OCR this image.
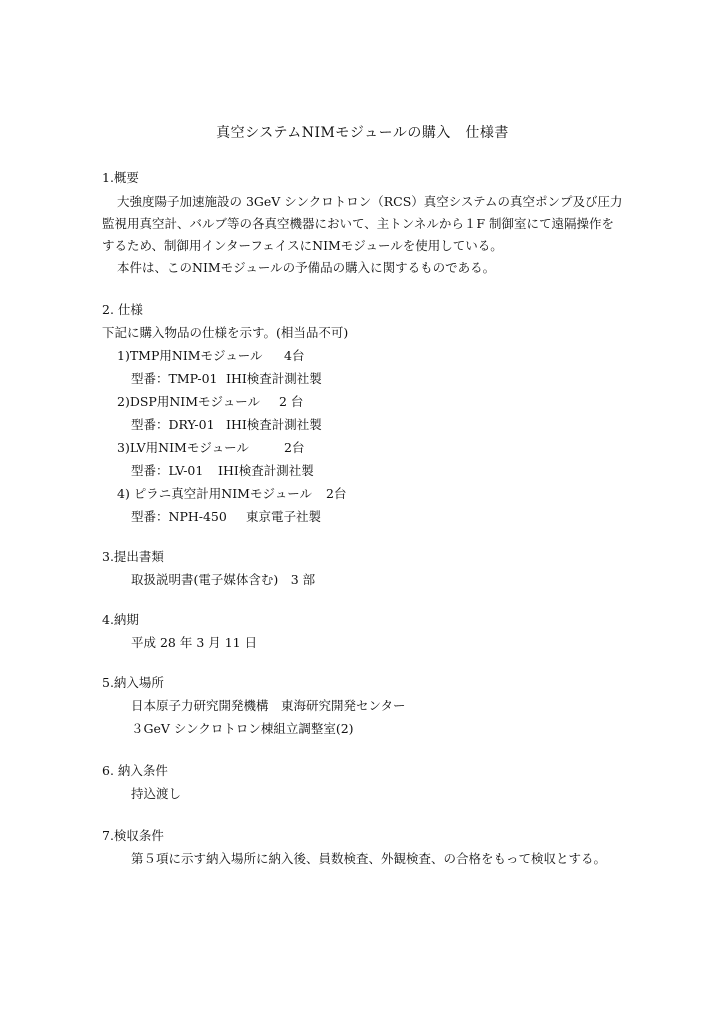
真空システムNIMモジュールの購入　仕様書
1.概要
大強度陽子加速施設の 3GeV シンクロトロン（RCS）真空システムの真空ポンプ及び圧力
監視用真空計、バルブ等の各真空機器において、主トンネルから１F 制御室にて遠隔操作を
するため、制御用インターフェイスにNIMモジュールを使用している。
本件は、このNIMモジュールの予備品の購入に関するものである。
2. 仕様
下記に購入物品の仕様を示す。(相当品不可)
1)TMP用NIMモジュール 4台
型番：TMP-01 IHI検査計測社製
2)DSP用NIMモジュール 2 台
型番：DRY-01 IHI検査計測社製
3)LV用NIMモジュール	2台
型番：LV-01 IHI検査計測社製
4) ピラニ真空計用NIMモジュール 2台
型番：NPH-450 東京電子社製
3.提出書類
取扱説明書(電子媒体含む)　3 部
4.納期
平成 28 年 3 月 11 日
5.納入場所
日本原子力研究開発機構　東海研究開発センター
３GeV シンクロトロン棟組立調整室(2)
6. 納入条件
持込渡し
7.検収条件
第５項に示す納入場所に納入後、員数検査、外観検査、の合格をもって検収とする。
